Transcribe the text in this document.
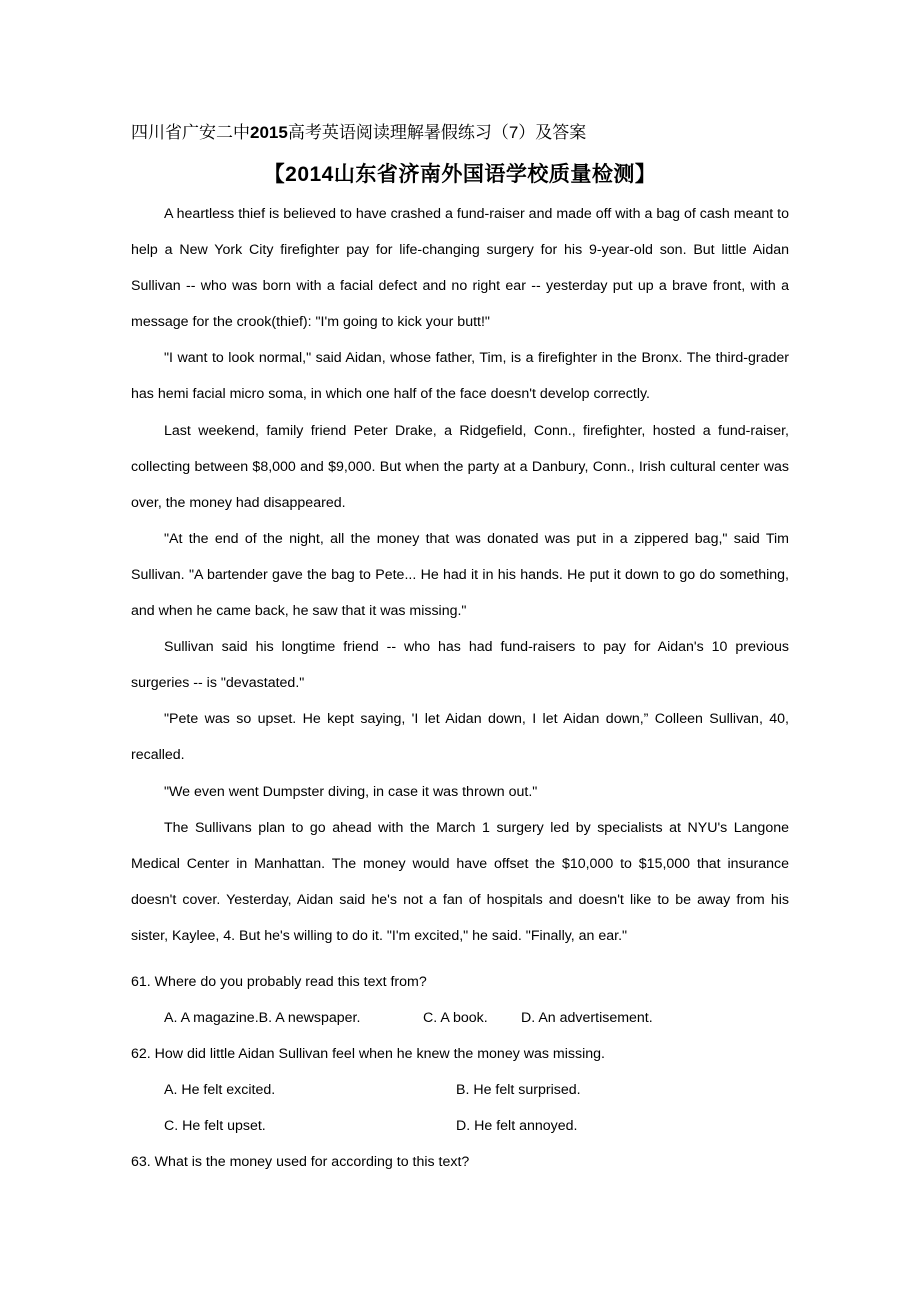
四川省广安二中2015高考英语阅读理解暑假练习（7）及答案
【2014山东省济南外国语学校质量检测】

A heartless thief is believed to have crashed a fund-raiser and made off with a bag of cash meant to help a New York City firefighter pay for life-changing surgery for his 9-year-old son. But little Aidan Sullivan -- who was born with a facial defect and no right ear -- yesterday put up a brave front, with a message for the crook(thief): "I'm going to kick your butt!"

"I want to look normal," said Aidan, whose father, Tim, is a firefighter in the Bronx. The third-grader has hemi facial micro soma, in which one half of the face doesn't develop correctly.

Last weekend, family friend Peter Drake, a Ridgefield, Conn., firefighter, hosted a fund-raiser, collecting between $8,000 and $9,000. But when the party at a Danbury, Conn., Irish cultural center was over, the money had disappeared.

"At the end of the night, all the money that was donated was put in a zippered bag," said Tim Sullivan. "A bartender gave the bag to Pete... He had it in his hands. He put it down to go do something, and when he came back, he saw that it was missing."

Sullivan said his longtime friend -- who has had fund-raisers to pay for Aidan's 10 previous surgeries -- is "devastated."

"Pete was so upset. He kept saying, 'I let Aidan down, I let Aidan down,” Colleen Sullivan, 40, recalled.

"We even went Dumpster diving, in case it was thrown out."

The Sullivans plan to go ahead with the March 1 surgery led by specialists at NYU's Langone Medical Center in Manhattan. The money would have offset the $10,000 to $15,000 that insurance doesn't cover. Yesterday, Aidan said he's not a fan of hospitals and doesn't like to be away from his sister, Kaylee, 4. But he's willing to do it. "I'm excited," he said. "Finally, an ear."

61. Where do you probably read this text from?
A. A magazine.B. A newspaper.	C. A book. D. An advertisement.
62. How did little Aidan Sullivan feel when he knew the money was missing.
A. He felt excited.	B. He felt surprised.
C. He felt upset.	D. He felt annoyed.
63. What is the money used for according to this text?
